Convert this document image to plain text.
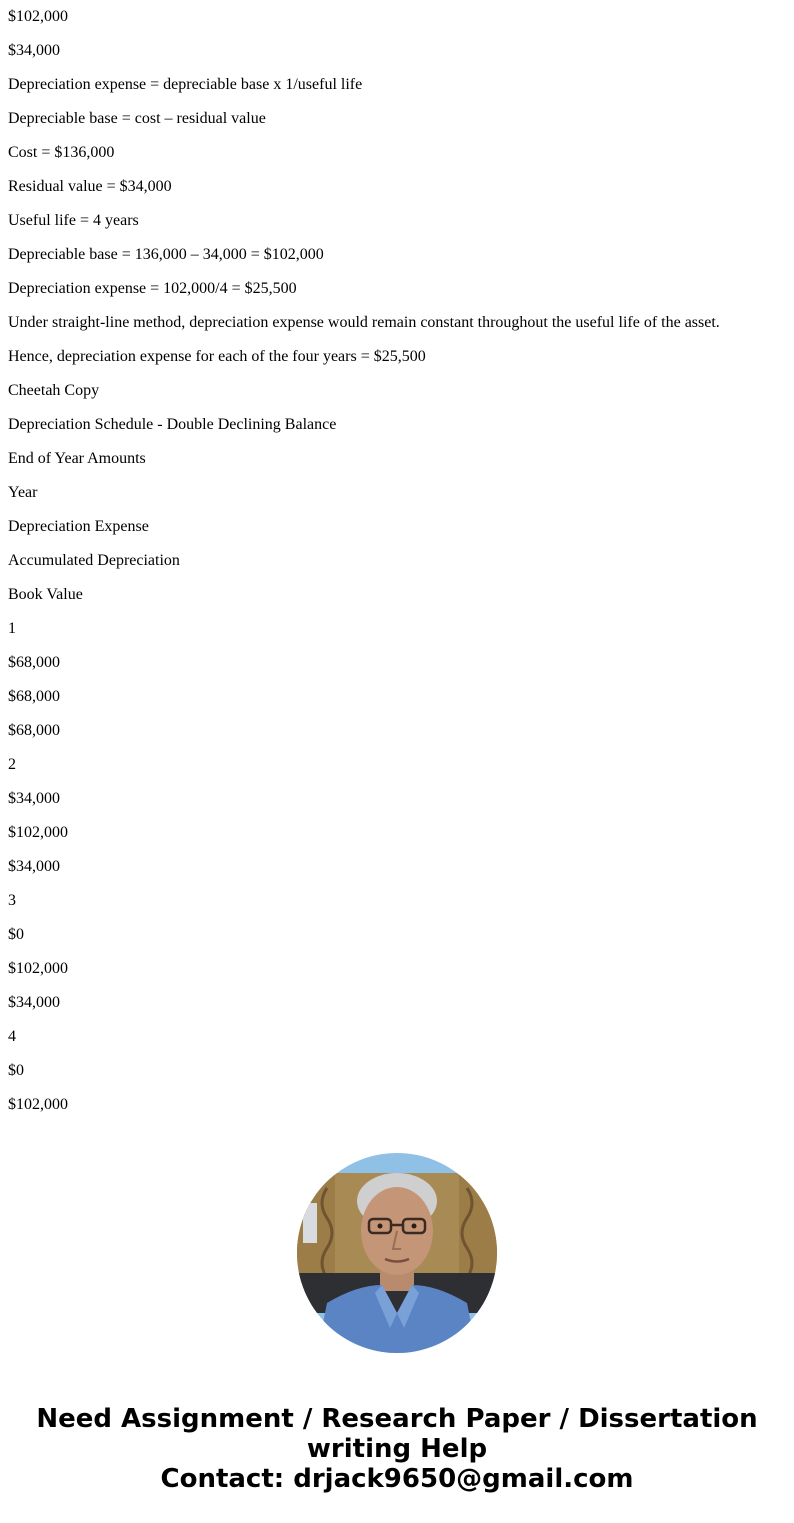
$102,000

$34,000

Depreciation expense = depreciable base x 1/useful life

Depreciable base = cost – residual value

Cost = $136,000

Residual value = $34,000

Useful life = 4 years

Depreciable base = 136,000 – 34,000 = $102,000

Depreciation expense = 102,000/4 = $25,500

Under straight-line method, depreciation expense would remain constant throughout the useful life of the asset.

Hence, depreciation expense for each of the four years = $25,500

Cheetah Copy

Depreciation Schedule - Double Declining Balance

End of Year Amounts

Year

Depreciation Expense

Accumulated Depreciation

Book Value

1

$68,000

$68,000

$68,000

2

$34,000

$102,000

$34,000

3

$0

$102,000

$34,000

4

$0

$102,000

Need Assignment / Research Paper / Dissertation
writing Help
Contact: drjack9650@gmail.com
